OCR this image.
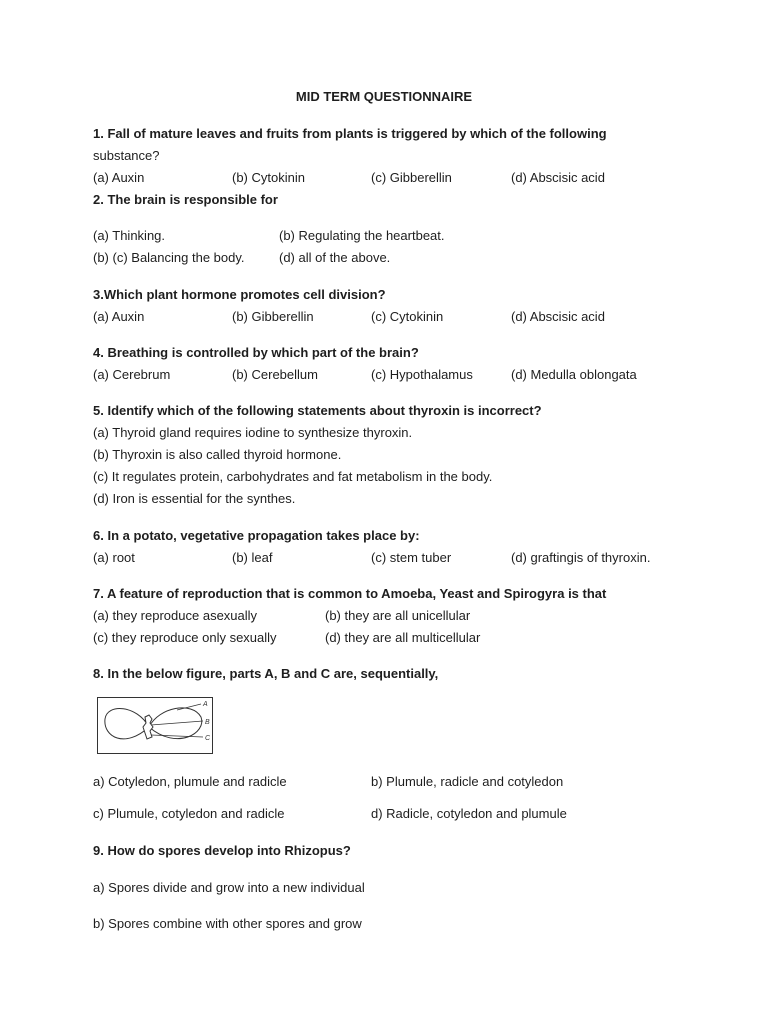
MID TERM QUESTIONNAIRE
1. Fall of mature leaves and fruits from plants is triggered by which of the following
substance?
(a) Auxin	(b) Cytokinin	(c) Gibberellin	(d) Abscisic acid
2. The brain is responsible for
(a) Thinking.	(b) Regulating the heartbeat.
(b) (c) Balancing the body.	(d) all of the above.
3.Which plant hormone promotes cell division?
(a) Auxin	(b) Gibberellin	(c) Cytokinin	(d) Abscisic acid
4. Breathing is controlled by which part of the brain?
(a) Cerebrum	(b) Cerebellum	(c) Hypothalamus	(d) Medulla oblongata
5. Identify which of the following statements about thyroxin is incorrect?
(a) Thyroid gland requires iodine to synthesize thyroxin.
(b) Thyroxin is also called thyroid hormone.
(c) It regulates protein, carbohydrates and fat metabolism in the body.
(d) Iron is essential for the synthes.
6. In a potato, vegetative propagation takes place by:
(a) root	(b) leaf	(c) stem tuber	(d) graftingis of thyroxin.
7. A feature of reproduction that is common to Amoeba, Yeast and Spirogyra is that
(a) they reproduce asexually	(b) they are all unicellular
(c) they reproduce only sexually	(d) they are all multicellular
8. In the below figure, parts A, B and C are, sequentially,
A
B
C
a) Cotyledon, plumule and radicle	b) Plumule, radicle and cotyledon
c) Plumule, cotyledon and radicle	d) Radicle, cotyledon and plumule
9. How do spores develop into Rhizopus?
a) Spores divide and grow into a new individual
b) Spores combine with other spores and grow
